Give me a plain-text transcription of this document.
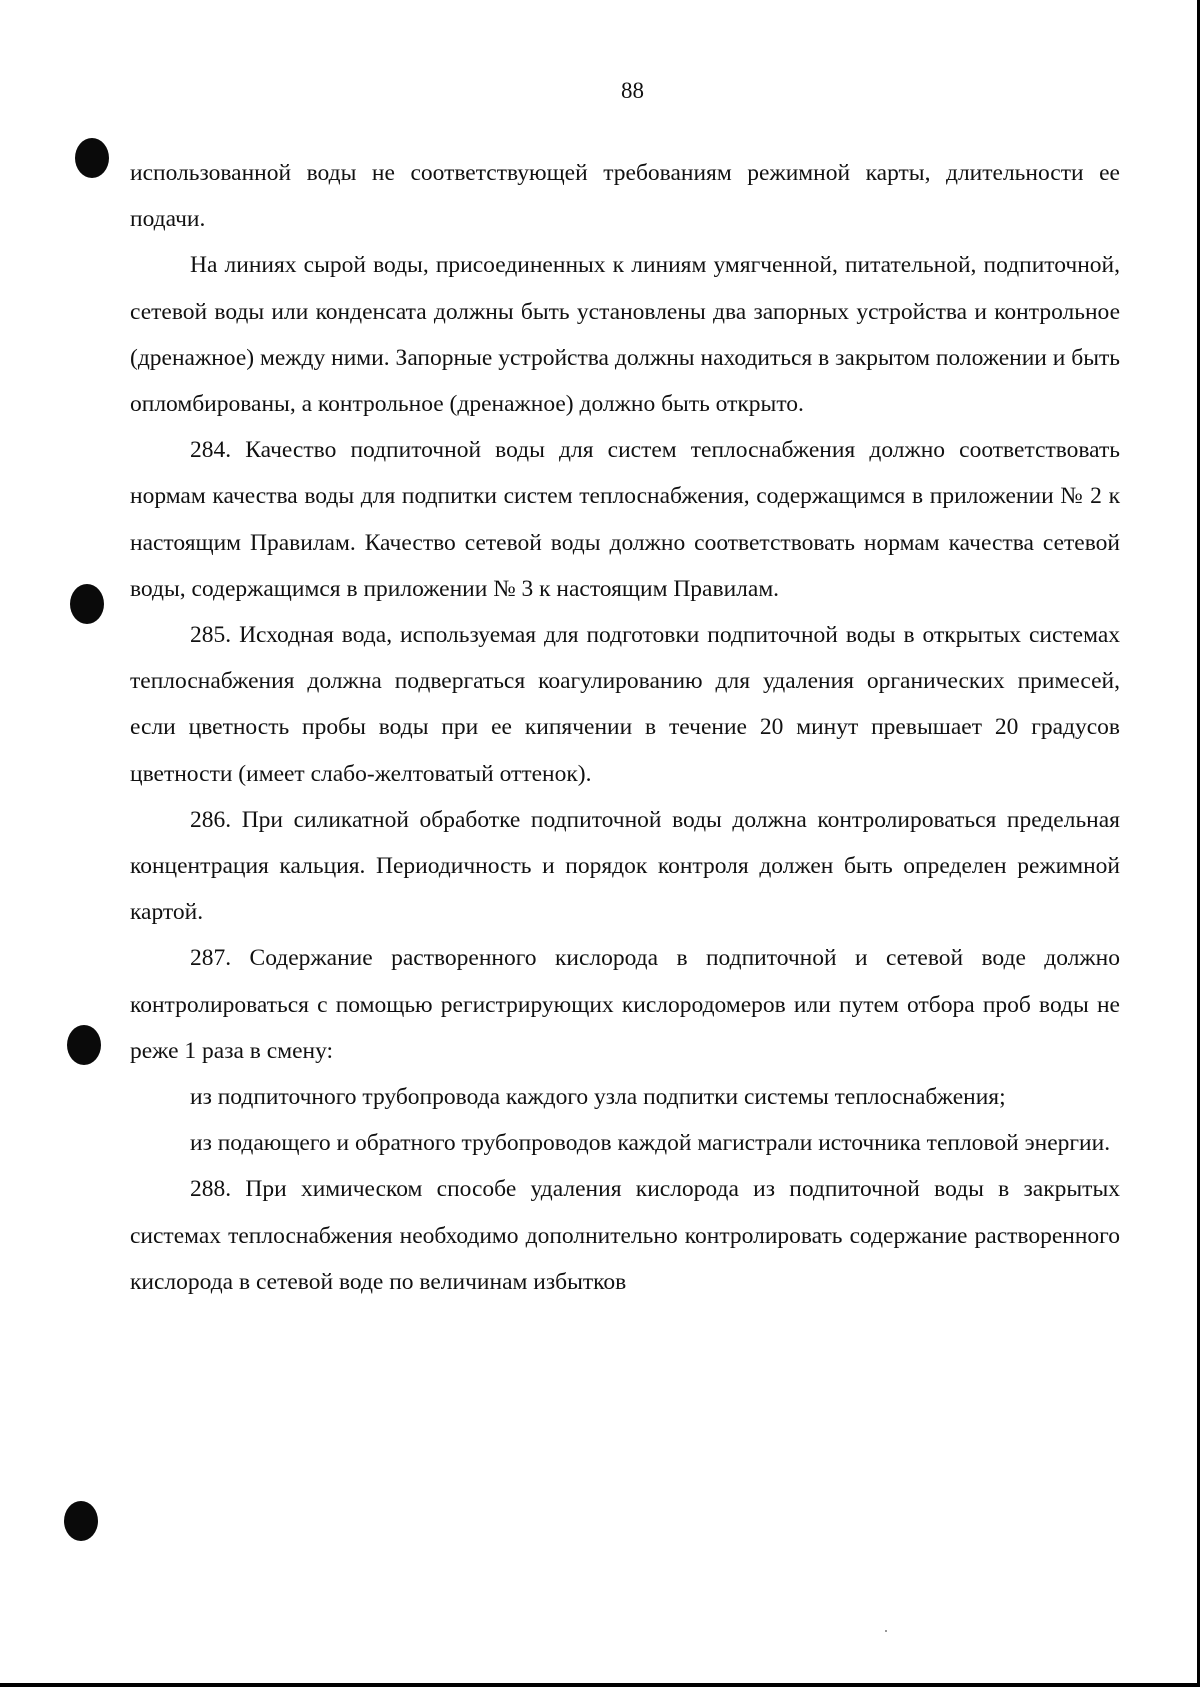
88

использованной воды не соответствующей требованиям режимной карты, длительности ее подачи.

На линиях сырой воды, присоединенных к линиям умягченной, питательной, подпиточной, сетевой воды или конденсата должны быть установлены два запорных устройства и контрольное (дренажное) между ними. Запорные устройства должны находиться в закрытом положении и быть опломбированы, а контрольное (дренажное) должно быть открыто.

284. Качество подпиточной воды для систем теплоснабжения должно соответствовать нормам качества воды для подпитки систем теплоснабжения, содержащимся в приложении № 2 к настоящим Правилам. Качество сетевой воды должно соответствовать нормам качества сетевой воды, содержащимся в приложении № 3 к настоящим Правилам.

285. Исходная вода, используемая для подготовки подпиточной воды в открытых системах теплоснабжения должна подвергаться коагулированию для удаления органических примесей, если цветность пробы воды при ее кипячении в течение 20 минут превышает 20 градусов цветности (имеет слабо-желтоватый оттенок).

286. При силикатной обработке подпиточной воды должна контролироваться предельная концентрация кальция. Периодичность и порядок контроля должен быть определен режимной картой.

287. Содержание растворенного кислорода в подпиточной и сетевой воде должно контролироваться с помощью регистрирующих кислородомеров или путем отбора проб воды не реже 1 раза в смену:

из подпиточного трубопровода каждого узла подпитки системы теплоснабжения;

из подающего и обратного трубопроводов каждой магистрали источника тепловой энергии.

288. При химическом способе удаления кислорода из подпиточной воды в закрытых системах теплоснабжения необходимо дополнительно контролировать содержание растворенного кислорода в сетевой воде по величинам избытков
